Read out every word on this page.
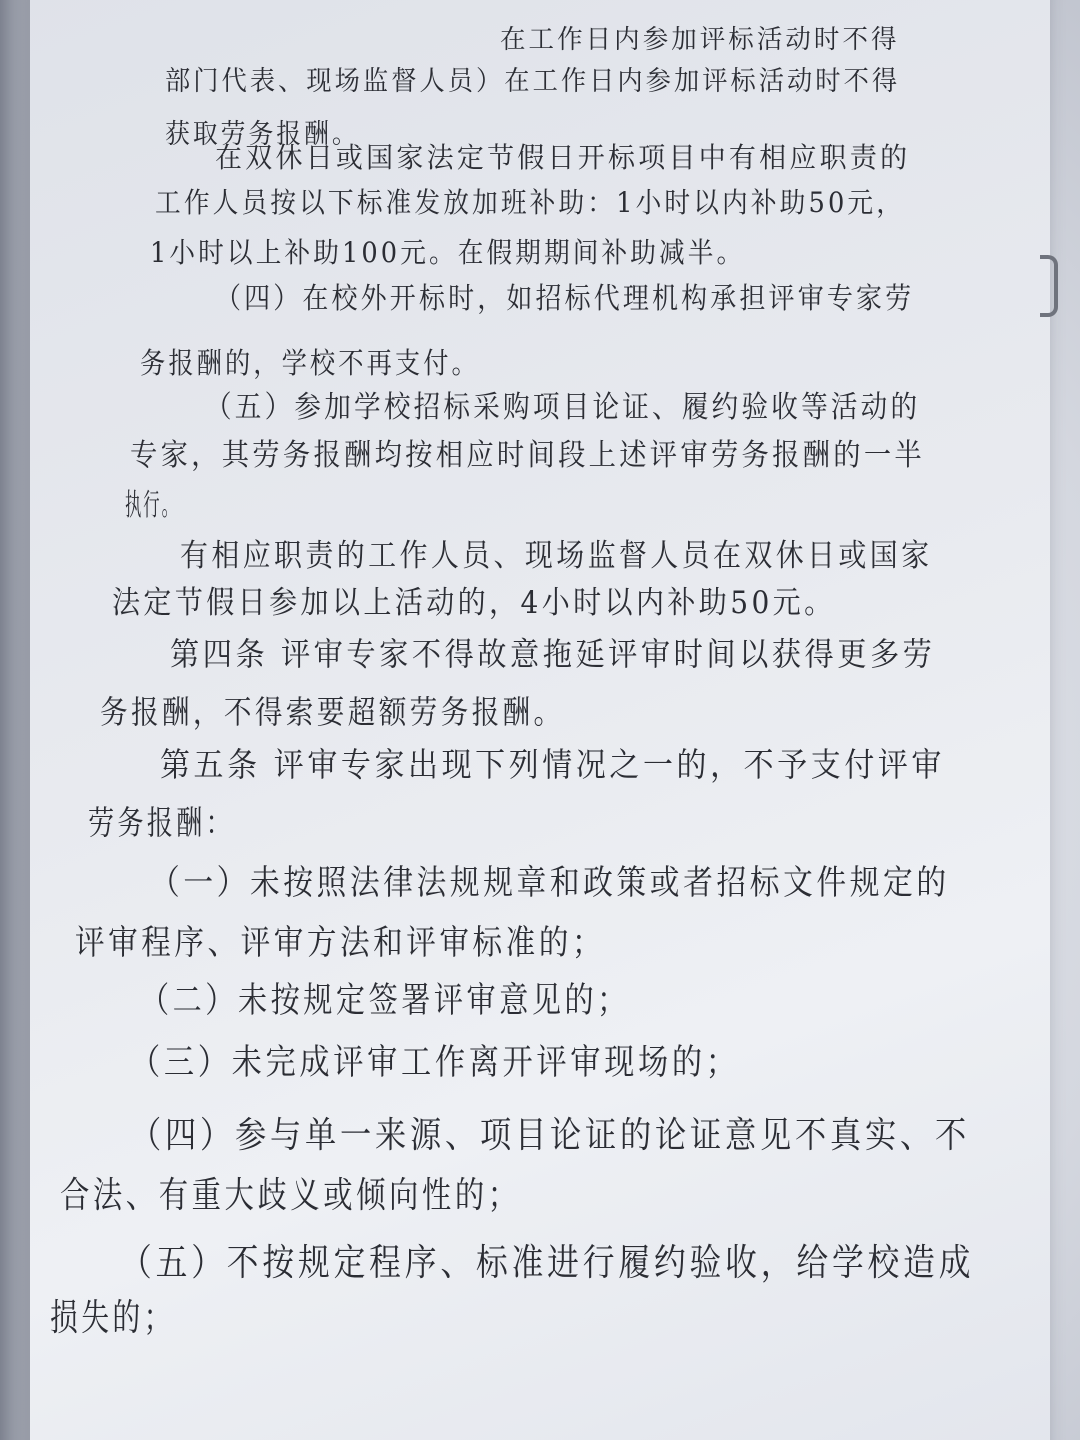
部门代表、现场监督人员）在工作日内参加评标活动时不得
获取劳务报酬。
在双休日或国家法定节假日开标项目中有相应职责的
工作人员按以下标准发放加班补助：1小时以内补助50元，
1小时以上补助100元。在假期期间补助减半。
（四）在校外开标时，如招标代理机构承担评审专家劳
务报酬的，学校不再支付。
（五）参加学校招标采购项目论证、履约验收等活动的
专家，其劳务报酬均按相应时间段上述评审劳务报酬的一半
执行。
有相应职责的工作人员、现场监督人员在双休日或国家
法定节假日参加以上活动的，4小时以内补助50元。
第四条 评审专家不得故意拖延评审时间以获得更多劳
务报酬，不得索要超额劳务报酬。
第五条 评审专家出现下列情况之一的，不予支付评审
劳务报酬：
（一）未按照法律法规规章和政策或者招标文件规定的
评审程序、评审方法和评审标准的；
（二）未按规定签署评审意见的；
（三）未完成评审工作离开评审现场的；
（四）参与单一来源、项目论证的论证意见不真实、不
合法、有重大歧义或倾向性的；
（五）不按规定程序、标准进行履约验收，给学校造成
损失的；
在工作日内参加评标活动时不得
